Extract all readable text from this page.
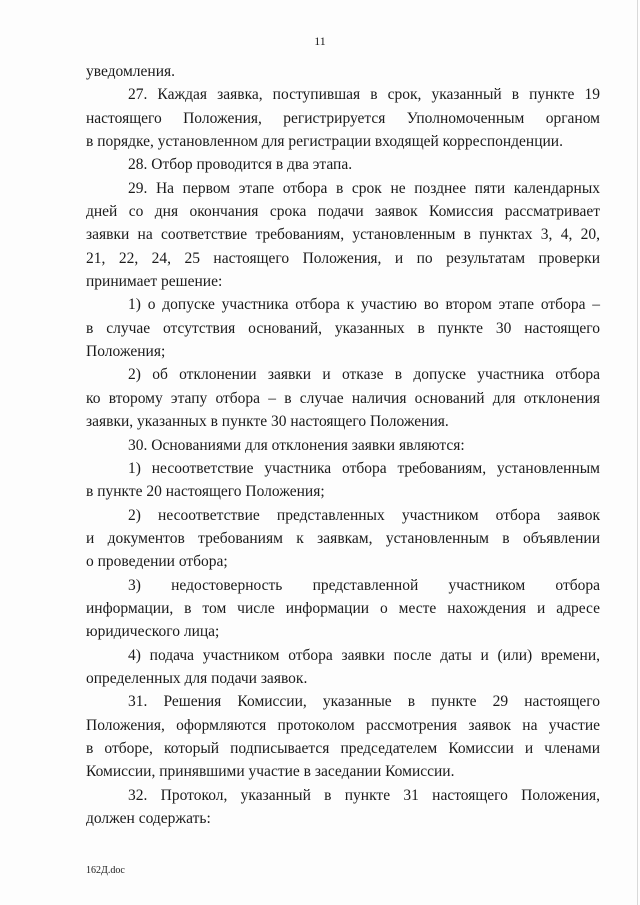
11
уведомления.
27. Каждая заявка, поступившая в срок, указанный в пункте 19
настоящего Положения, регистрируется Уполномоченным органом
в порядке, установленном для регистрации входящей корреспонденции.
28. Отбор проводится в два этапа.
29. На первом этапе отбора в срок не позднее пяти календарных
дней со дня окончания срока подачи заявок Комиссия рассматривает
заявки на соответствие требованиям, установленным в пунктах 3, 4, 20,
21, 22, 24, 25 настоящего Положения, и по результатам проверки
принимает решение:
1) о допуске участника отбора к участию во втором этапе отбора –
в случае отсутствия оснований, указанных в пункте 30 настоящего
Положения;
2) об отклонении заявки и отказе в допуске участника отбора
ко второму этапу отбора – в случае наличия оснований для отклонения
заявки, указанных в пункте 30 настоящего Положения.
30. Основаниями для отклонения заявки являются:
1) несоответствие участника отбора требованиям, установленным
в пункте 20 настоящего Положения;
2) несоответствие представленных участником отбора заявок
и документов требованиям к заявкам, установленным в объявлении
о проведении отбора;
3) недостоверность представленной участником отбора
информации, в том числе информации о месте нахождения и адресе
юридического лица;
4) подача участником отбора заявки после даты и (или) времени,
определенных для подачи заявок.
31. Решения Комиссии, указанные в пункте 29 настоящего
Положения, оформляются протоколом рассмотрения заявок на участие
в отборе, который подписывается председателем Комиссии и членами
Комиссии, принявшими участие в заседании Комиссии.
32. Протокол, указанный в пункте 31 настоящего Положения,
должен содержать:
162Д.doc
